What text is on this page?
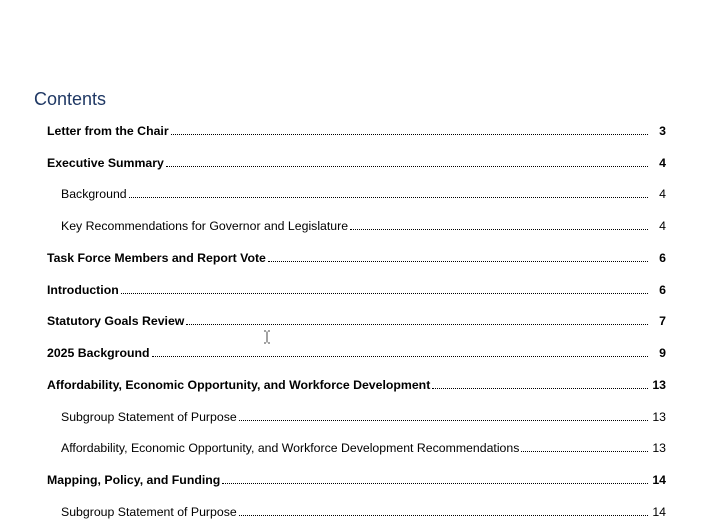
Contents
Letter from the Chair	3
Executive Summary	4
Background	4
Key Recommendations for Governor and Legislature	4
Task Force Members and Report Vote	6
Introduction	6
Statutory Goals Review	7
2025 Background	9
Affordability, Economic Opportunity, and Workforce Development	13
Subgroup Statement of Purpose	13
Affordability, Economic Opportunity, and Workforce Development Recommendations	13
Mapping, Policy, and Funding	14
Subgroup Statement of Purpose	14
